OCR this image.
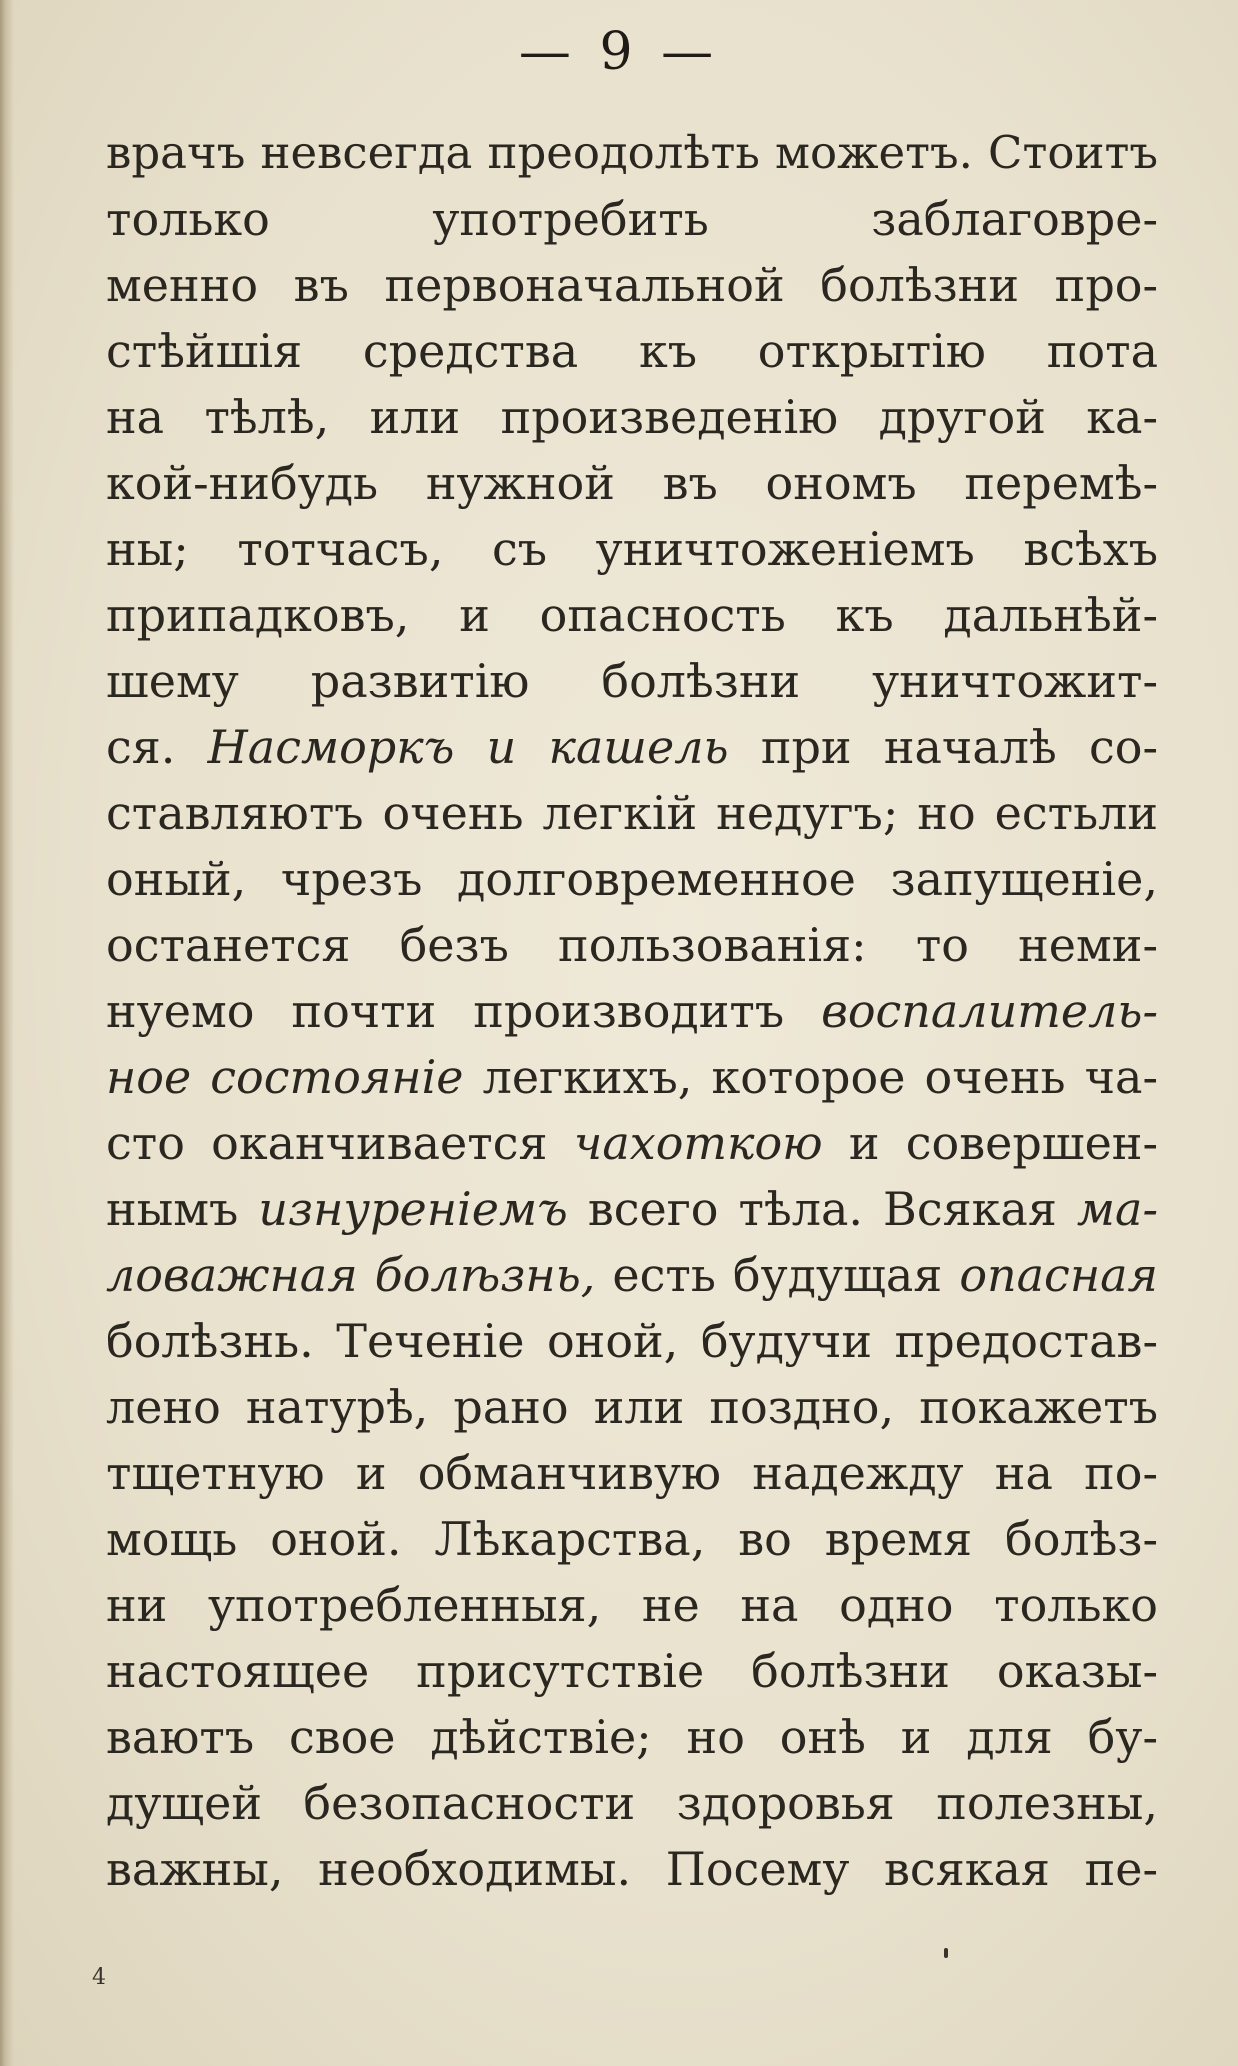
— 9 —
врачъ невсегда преодолѣть можетъ. Стоитъ
только употребить заблаговре-
менно въ первоначальной болѣзни про-
стѣйшія средства къ открытію пота
на тѣлѣ, или произведенію другой ка-
кой-нибудь нужной въ ономъ перемѣ-
ны; тотчасъ, съ уничтоженіемъ всѣхъ
припадковъ, и опасность къ дальнѣй-
шему развитію болѣзни уничтожит-
ся. Насморкъ и кашель при началѣ со-
ставляютъ очень легкій недугъ; но естьли
оный, чрезъ долговременное запущеніе,
останется безъ пользованія: то неми-
нуемо почти производитъ воспалитель-
ное состояніе легкихъ, которое очень ча-
сто оканчивается чахоткою и совершен-
нымъ изнуреніемъ всего тѣла. Всякая ма-
ловажная болѣзнь, есть будущая опасная
болѣзнь. Теченіе оной, будучи предостав-
лено натурѣ, рано или поздно, покажетъ
тщетную и обманчивую надежду на по-
мощь оной. Лѣкарства, во время болѣз-
ни употребленныя, не на одно только
настоящее присутствіе болѣзни оказы-
ваютъ свое дѣйствіе; но онѣ и для бу-
дущей безопасности здоровья полезны,
важны, необходимы. Посему всякая пе-
4
